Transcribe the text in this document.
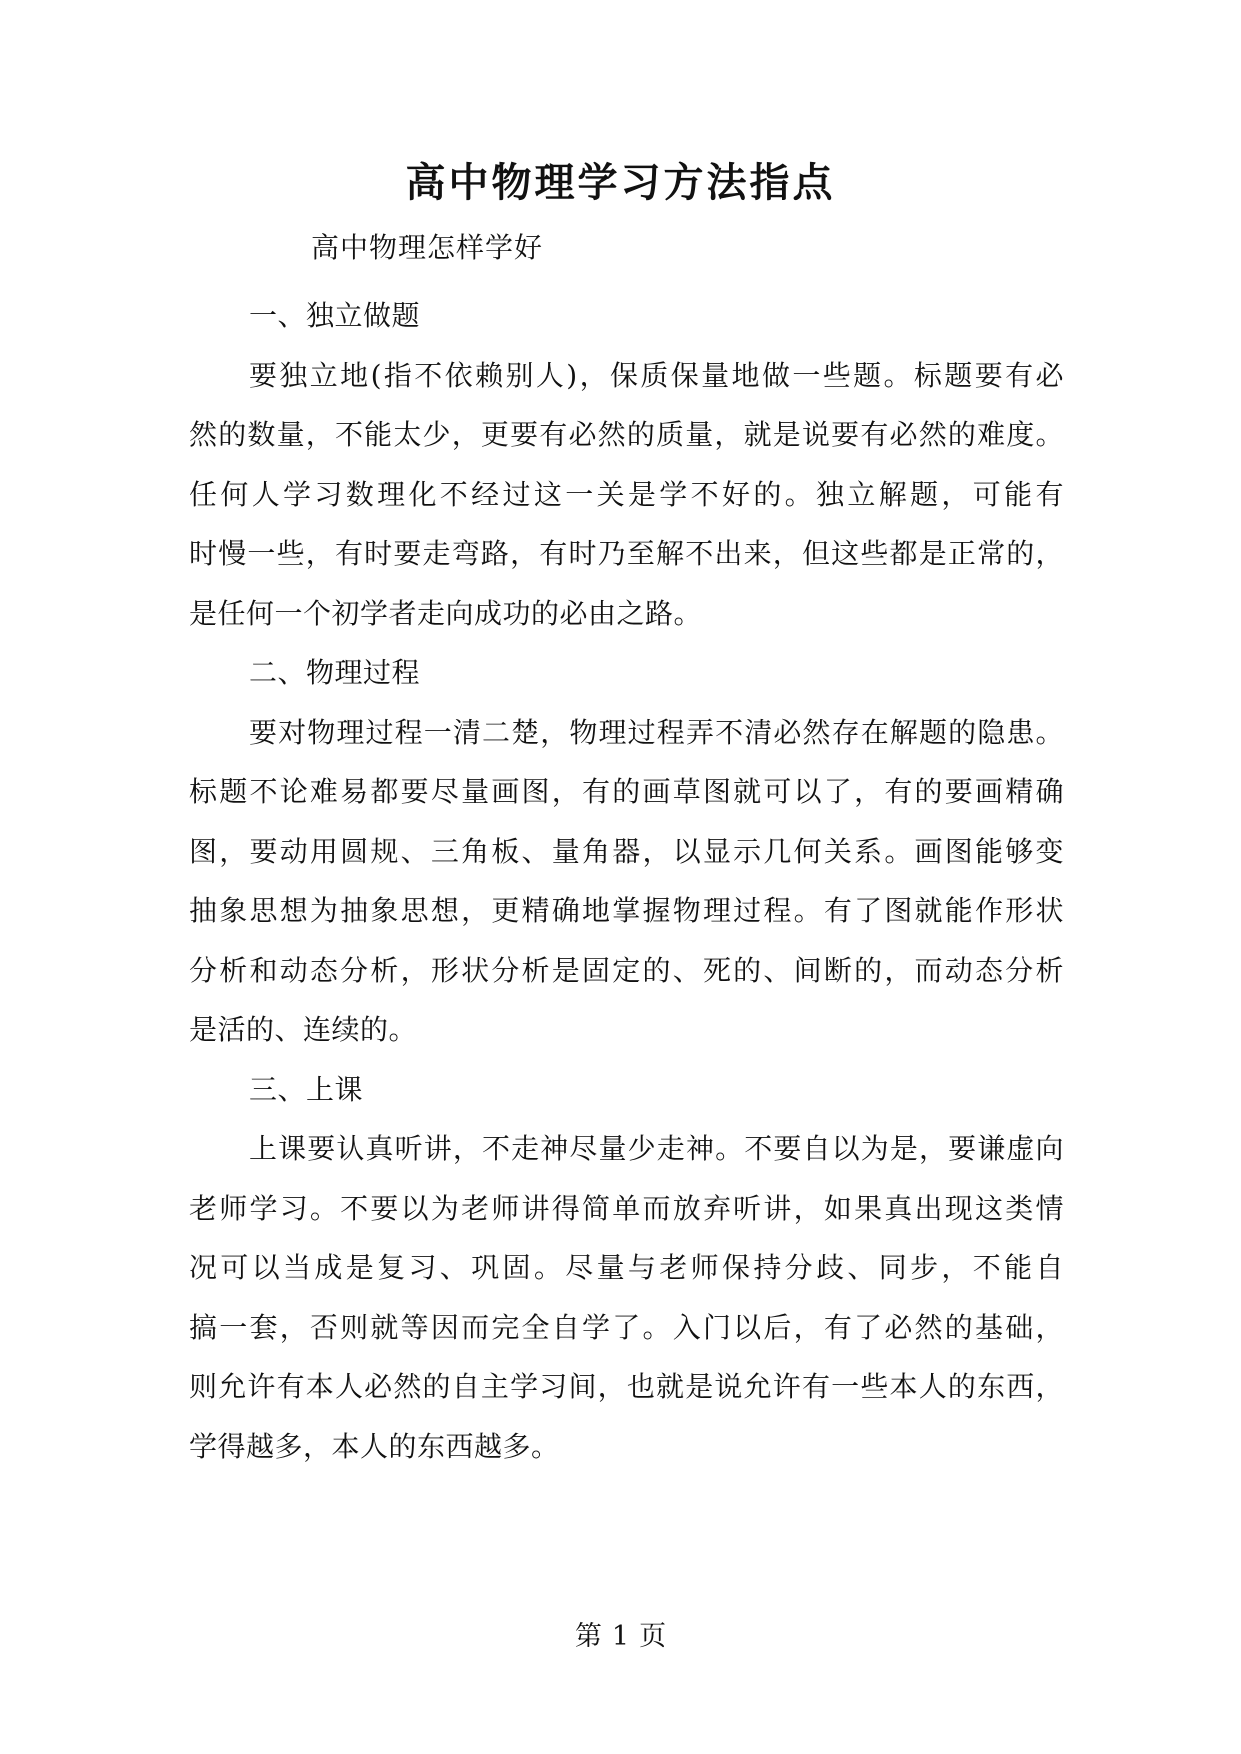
高中物理学习方法指点
高中物理怎样学好
一、独立做题
要独立地(指不依赖别人)，保质保量地做一些题。标题要有必
然的数量，不能太少，更要有必然的质量，就是说要有必然的难度。
任何人学习数理化不经过这一关是学不好的。独立解题，可能有
时慢一些，有时要走弯路，有时乃至解不出来，但这些都是正常的，
是任何一个初学者走向成功的必由之路。
二、物理过程
要对物理过程一清二楚，物理过程弄不清必然存在解题的隐患。
标题不论难易都要尽量画图，有的画草图就可以了，有的要画精确
图，要动用圆规、三角板、量角器，以显示几何关系。画图能够变
抽象思想为抽象思想，更精确地掌握物理过程。有了图就能作形状
分析和动态分析，形状分析是固定的、死的、间断的，而动态分析
是活的、连续的。
三、上课
上课要认真听讲，不走神尽量少走神。不要自以为是，要谦虚向
老师学习。不要以为老师讲得简单而放弃听讲，如果真出现这类情
况可以当成是复习、巩固。尽量与老师保持分歧、同步，不能自
搞一套，否则就等因而完全自学了。入门以后，有了必然的基础，
则允许有本人必然的自主学习间，也就是说允许有一些本人的东西，
学得越多，本人的东西越多。
第 1 页
